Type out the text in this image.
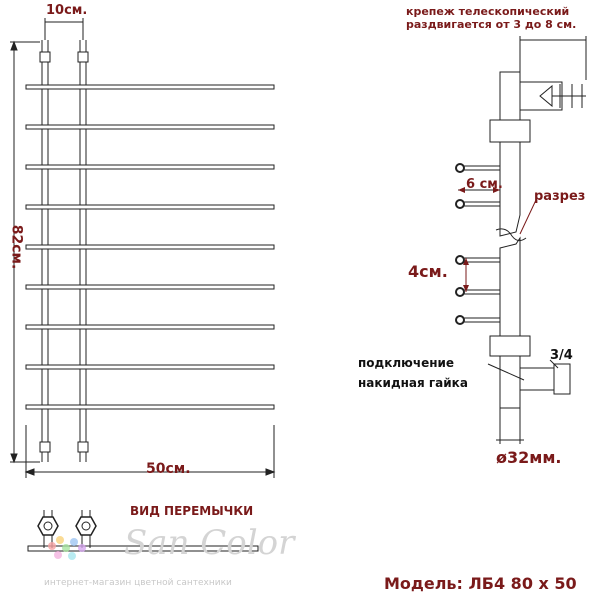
10см.
82см.
50см.
крепеж телескопический
раздвигается от 3 до 8 см.
6 см.
разрез
4см.
подключение
накидная гайка
3/4
ø32мм.
ВИД ПЕРЕМЫЧКИ
San Color
интернет-магазин цветной сантехники	Модель: ЛБ4 80 х 50
